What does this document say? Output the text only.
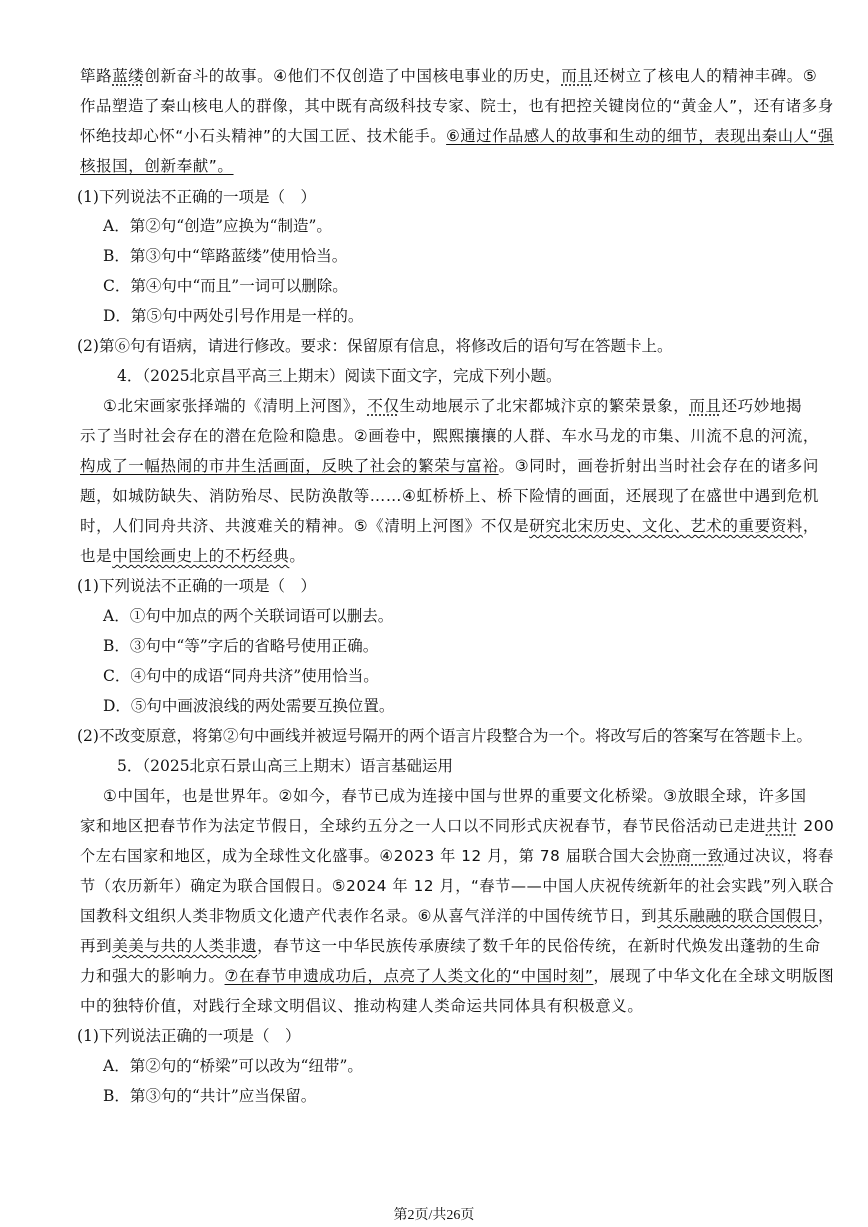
筚路蓝缕创新奋斗的故事。④他们不仅创造了中国核电事业的历史，而且还树立了核电人的精神丰碑。⑤
作品塑造了秦山核电人的群像，其中既有高级科技专家、院士，也有把控关键岗位的“黄金人”，还有诸多身
怀绝技却心怀“小石头精神”的大国工匠、技术能手。⑥通过作品感人的故事和生动的细节，表现出秦山人“强
核报国，创新奉献”。
(1)下列说法不正确的一项是（　）
A．第②句“创造”应换为“制造”。
B．第③句中“筚路蓝缕”使用恰当。
C．第④句中“而且”一词可以删除。
D．第⑤句中两处引号作用是一样的。
(2)第⑥句有语病，请进行修改。要求：保留原有信息，将修改后的语句写在答题卡上。
4．（2025北京昌平高三上期末）阅读下面文字，完成下列小题。
①北宋画家张择端的《清明上河图》，不仅生动地展示了北宋都城汴京的繁荣景象，而且还巧妙地揭
示了当时社会存在的潜在危险和隐患。②画卷中，熙熙攘攘的人群、车水马龙的市集、川流不息的河流，
构成了一幅热闹的市井生活画面，反映了社会的繁荣与富裕。③同时，画卷折射出当时社会存在的诸多问
题，如城防缺失、消防殆尽、民防涣散等……④虹桥桥上、桥下险情的画面，还展现了在盛世中遇到危机
时，人们同舟共济、共渡难关的精神。⑤《清明上河图》不仅是研究北宋历史、文化、艺术的重要资料，
也是中国绘画史上的不朽经典。
(1)下列说法不正确的一项是（　）
A．①句中加点的两个关联词语可以删去。
B．③句中“等”字后的省略号使用正确。
C．④句中的成语“同舟共济”使用恰当。
D．⑤句中画波浪线的两处需要互换位置。
(2)不改变原意，将第②句中画线并被逗号隔开的两个语言片段整合为一个。将改写后的答案写在答题卡上。
5．（2025北京石景山高三上期末）语言基础运用
①中国年，也是世界年。②如今，春节已成为连接中国与世界的重要文化桥梁。③放眼全球，许多国
家和地区把春节作为法定节假日，全球约五分之一人口以不同形式庆祝春节，春节民俗活动已走进共计 200
个左右国家和地区，成为全球性文化盛事。④2023 年 12 月，第 78 届联合国大会协商一致通过决议，将春
节（农历新年）确定为联合国假日。⑤2024 年 12 月，“春节——中国人庆祝传统新年的社会实践”列入联合
国教科文组织人类非物质文化遗产代表作名录。⑥从喜气洋洋的中国传统节日，到其乐融融的联合国假日，
再到美美与共的人类非遗，春节这一中华民族传承赓续了数千年的民俗传统，在新时代焕发出蓬勃的生命
力和强大的影响力。⑦在春节申遗成功后，点亮了人类文化的“中国时刻”，展现了中华文化在全球文明版图
中的独特价值，对践行全球文明倡议、推动构建人类命运共同体具有积极意义。
(1)下列说法正确的一项是（　）
A．第②句的“桥梁”可以改为“纽带”。
B．第③句的“共计”应当保留。
第2页/共26页
